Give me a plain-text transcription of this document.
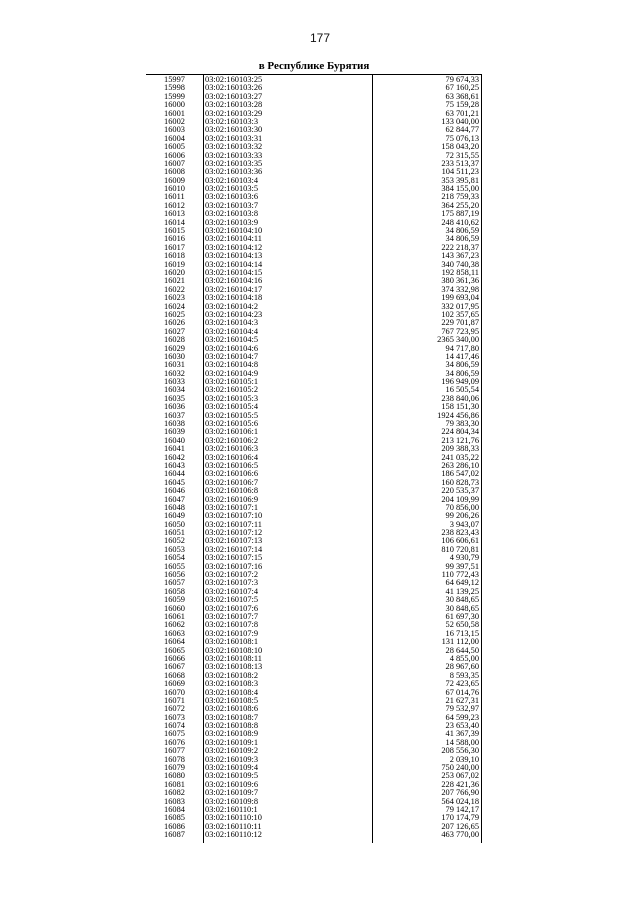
177
в Республике Бурятия
15997	03:02:160103:25	79 674,33
15998	03:02:160103:26	67 160,25
15999	03:02:160103:27	63 368,61
16000	03:02:160103:28	75 159,28
16001	03:02:160103:29	63 701,21
16002	03:02:160103:3	133 040,00
16003	03:02:160103:30	62 844,77
16004	03:02:160103:31	75 076,13
16005	03:02:160103:32	158 043,20
16006	03:02:160103:33	72 315,55
16007	03:02:160103:35	233 513,37
16008	03:02:160103:36	104 511,23
16009	03:02:160103:4	353 395,81
16010	03:02:160103:5	384 155,00
16011	03:02:160103:6	218 759,33
16012	03:02:160103:7	364 255,20
16013	03:02:160103:8	175 887,19
16014	03:02:160103:9	248 410,62
16015	03:02:160104:10	34 806,59
16016	03:02:160104:11	34 806,59
16017	03:02:160104:12	222 218,37
16018	03:02:160104:13	143 367,23
16019	03:02:160104:14	340 740,38
16020	03:02:160104:15	192 858,11
16021	03:02:160104:16	380 361,36
16022	03:02:160104:17	374 332,98
16023	03:02:160104:18	199 693,04
16024	03:02:160104:2	332 017,95
16025	03:02:160104:23	102 357,65
16026	03:02:160104:3	229 701,87
16027	03:02:160104:4	767 723,95
16028	03:02:160104:5	2365 340,00
16029	03:02:160104:6	94 717,80
16030	03:02:160104:7	14 417,46
16031	03:02:160104:8	34 806,59
16032	03:02:160104:9	34 806,59
16033	03:02:160105:1	196 949,09
16034	03:02:160105:2	16 505,54
16035	03:02:160105:3	238 840,06
16036	03:02:160105:4	158 151,30
16037	03:02:160105:5	1924 456,86
16038	03:02:160105:6	79 383,30
16039	03:02:160106:1	224 804,34
16040	03:02:160106:2	213 121,76
16041	03:02:160106:3	209 388,33
16042	03:02:160106:4	241 035,22
16043	03:02:160106:5	263 286,10
16044	03:02:160106:6	186 547,02
16045	03:02:160106:7	160 828,73
16046	03:02:160106:8	220 535,37
16047	03:02:160106:9	204 109,99
16048	03:02:160107:1	70 856,00
16049	03:02:160107:10	99 206,26
16050	03:02:160107:11	3 943,07
16051	03:02:160107:12	238 823,43
16052	03:02:160107:13	106 606,61
16053	03:02:160107:14	810 720,81
16054	03:02:160107:15	4 930,79
16055	03:02:160107:16	99 397,51
16056	03:02:160107:2	110 772,43
16057	03:02:160107:3	64 649,12
16058	03:02:160107:4	41 139,25
16059	03:02:160107:5	30 848,65
16060	03:02:160107:6	30 848,65
16061	03:02:160107:7	61 697,30
16062	03:02:160107:8	52 650,58
16063	03:02:160107:9	16 713,15
16064	03:02:160108:1	131 112,00
16065	03:02:160108:10	28 644,50
16066	03:02:160108:11	4 855,00
16067	03:02:160108:13	28 967,60
16068	03:02:160108:2	8 593,35
16069	03:02:160108:3	72 423,65
16070	03:02:160108:4	67 014,76
16071	03:02:160108:5	21 627,31
16072	03:02:160108:6	79 532,97
16073	03:02:160108:7	64 599,23
16074	03:02:160108:8	23 653,40
16075	03:02:160108:9	41 367,39
16076	03:02:160109:1	14 588,00
16077	03:02:160109:2	208 556,30
16078	03:02:160109:3	2 039,10
16079	03:02:160109:4	750 240,00
16080	03:02:160109:5	253 067,02
16081	03:02:160109:6	228 421,36
16082	03:02:160109:7	207 766,90
16083	03:02:160109:8	564 024,18
16084	03:02:160110:1	79 142,17
16085	03:02:160110:10	170 174,79
16086	03:02:160110:11	207 126,65
16087	03:02:160110:12	463 770,00
